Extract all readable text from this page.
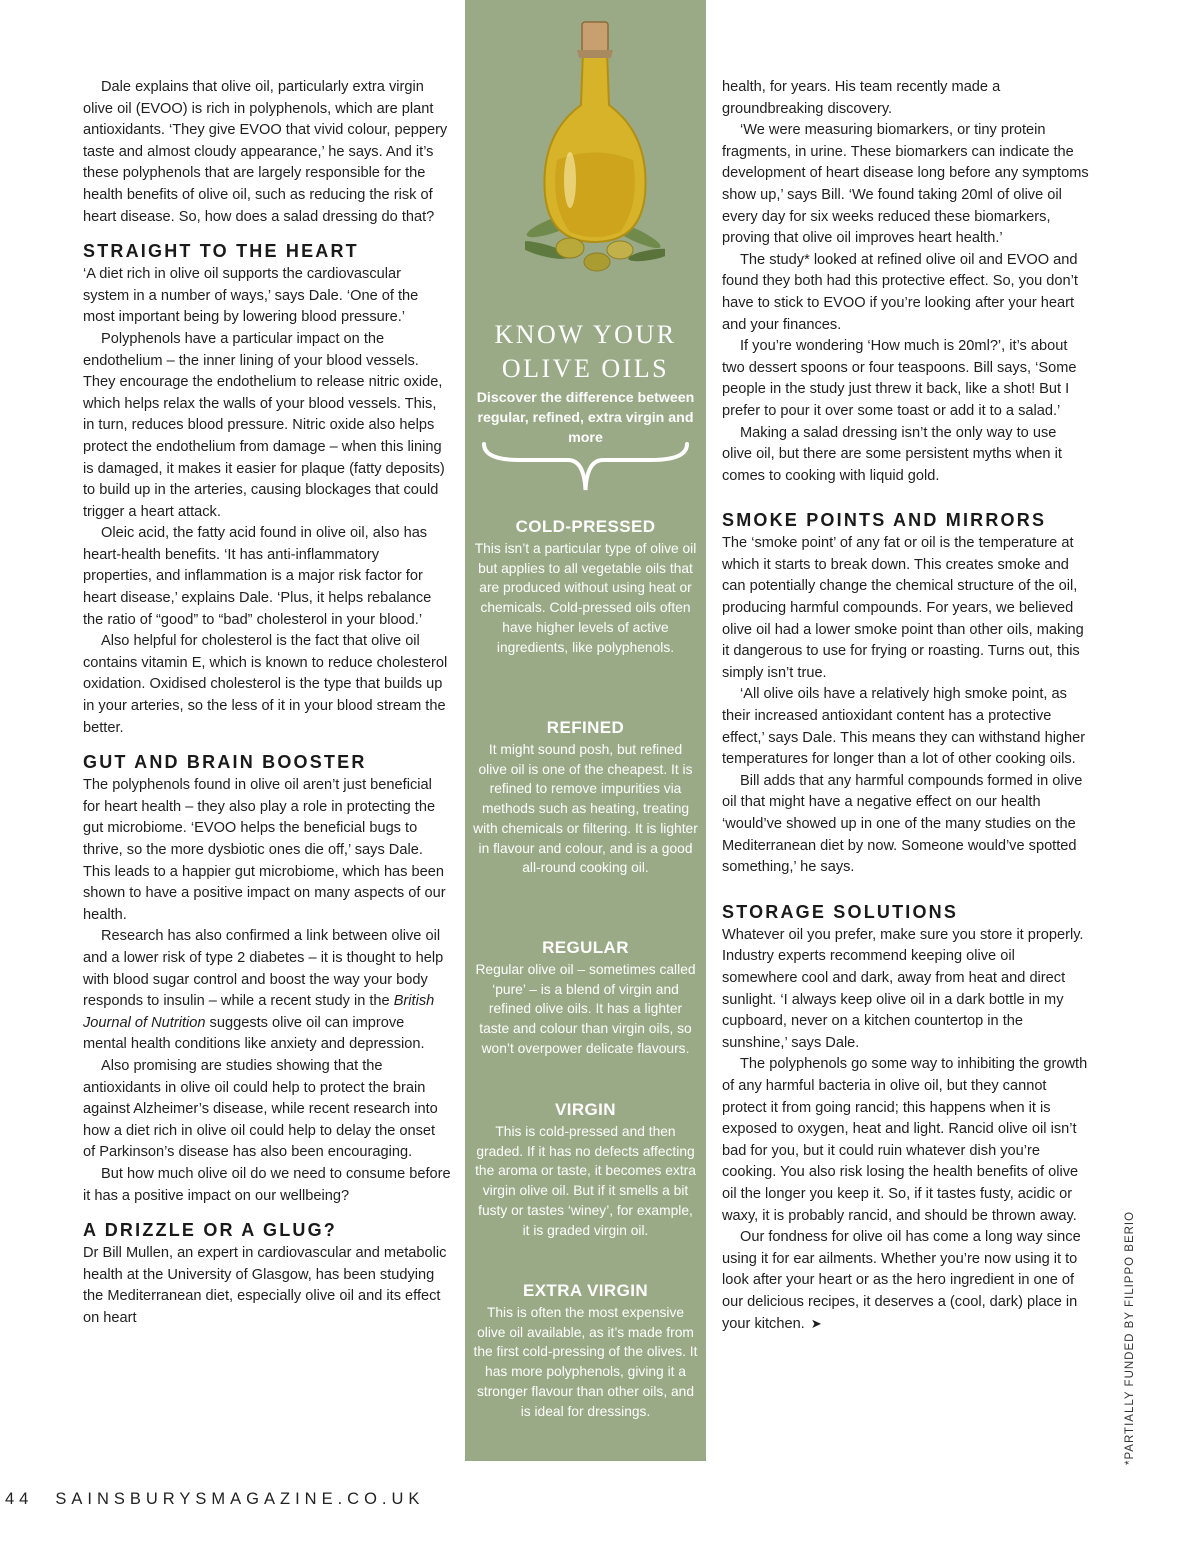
Dale explains that olive oil, particularly extra virgin olive oil (EVOO) is rich in polyphenols, which are plant antioxidants. ‘They give EVOO that vivid colour, peppery taste and almost cloudy appearance,’ he says. And it’s these polyphenols that are largely responsible for the health benefits of olive oil, such as reducing the risk of heart disease. So, how does a salad dressing do that?

STRAIGHT TO THE HEART

‘A diet rich in olive oil supports the cardiovascular system in a number of ways,’ says Dale. ‘One of the most important being by lowering blood pressure.’

Polyphenols have a particular impact on the endothelium – the inner lining of your blood vessels. They encourage the endothelium to release nitric oxide, which helps relax the walls of your blood vessels. This, in turn, reduces blood pressure. Nitric oxide also helps protect the endothelium from damage – when this lining is damaged, it makes it easier for plaque (fatty deposits) to build up in the arteries, causing blockages that could trigger a heart attack.

Oleic acid, the fatty acid found in olive oil, also has heart-health benefits. ‘It has anti-inflammatory properties, and inflammation is a major risk factor for heart disease,’ explains Dale. ‘Plus, it helps rebalance the ratio of “good” to “bad” cholesterol in your blood.’

Also helpful for cholesterol is the fact that olive oil contains vitamin E, which is known to reduce cholesterol oxidation. Oxidised cholesterol is the type that builds up in your arteries, so the less of it in your blood stream the better.

GUT AND BRAIN BOOSTER

The polyphenols found in olive oil aren’t just beneficial for heart health – they also play a role in protecting the gut microbiome. ‘EVOO helps the beneficial bugs to thrive, so the more dysbiotic ones die off,’ says Dale. This leads to a happier gut microbiome, which has been shown to have a positive impact on many aspects of our health.

Research has also confirmed a link between olive oil and a lower risk of type 2 diabetes – it is thought to help with blood sugar control and boost the way your body responds to insulin – while a recent study in the British Journal of Nutrition suggests olive oil can improve mental health conditions like anxiety and depression.

Also promising are studies showing that the antioxidants in olive oil could help to protect the brain against Alzheimer’s disease, while recent research into how a diet rich in olive oil could help to delay the onset of Parkinson’s disease has also been encouraging.

But how much olive oil do we need to consume before it has a positive impact on our wellbeing?

A DRIZZLE OR A GLUG?

Dr Bill Mullen, an expert in cardiovascular and metabolic health at the University of Glasgow, has been studying the Mediterranean diet, especially olive oil and its effect on heart

KNOW YOUR
OLIVE OILS
Discover the difference between regular, refined, extra virgin and more
COLD-PRESSED
This isn’t a particular type of olive oil but applies to all vegetable oils that are produced without using heat or chemicals. Cold-pressed oils often have higher levels of active ingredients, like polyphenols.
REFINED
It might sound posh, but refined olive oil is one of the cheapest. It is refined to remove impurities via methods such as heating, treating with chemicals or filtering. It is lighter in flavour and colour, and is a good all-round cooking oil.
REGULAR
Regular olive oil – sometimes called ‘pure’ – is a blend of virgin and refined olive oils. It has a lighter taste and colour than virgin oils, so won’t overpower delicate flavours.
VIRGIN
This is cold-pressed and then graded. If it has no defects affecting the aroma or taste, it becomes extra virgin olive oil. But if it smells a bit fusty or tastes ‘winey’, for example, it is graded virgin oil.
EXTRA VIRGIN
This is often the most expensive olive oil available, as it’s made from the first cold-pressing of the olives. It has more polyphenols, giving it a stronger flavour than other oils, and is ideal for dressings.

health, for years. His team recently made a groundbreaking discovery.

‘We were measuring biomarkers, or tiny protein fragments, in urine. These biomarkers can indicate the development of heart disease long before any symptoms show up,’ says Bill. ‘We found taking 20ml of olive oil every day for six weeks reduced these biomarkers, proving that olive oil improves heart health.’

The study* looked at refined olive oil and EVOO and found they both had this protective effect. So, you don’t have to stick to EVOO if you’re looking after your heart and your finances.

If you’re wondering ‘How much is 20ml?’, it’s about two dessert spoons or four teaspoons. Bill says, ‘Some people in the study just threw it back, like a shot! But I prefer to pour it over some toast or add it to a salad.’

Making a salad dressing isn’t the only way to use olive oil, but there are some persistent myths when it comes to cooking with liquid gold.

SMOKE POINTS AND MIRRORS

The ‘smoke point’ of any fat or oil is the temperature at which it starts to break down. This creates smoke and can potentially change the chemical structure of the oil, producing harmful compounds. For years, we believed olive oil had a lower smoke point than other oils, making it dangerous to use for frying or roasting. Turns out, this simply isn’t true.

‘All olive oils have a relatively high smoke point, as their increased antioxidant content has a protective effect,’ says Dale. This means they can withstand higher temperatures for longer than a lot of other cooking oils.

Bill adds that any harmful compounds formed in olive oil that might have a negative effect on our health ‘would’ve showed up in one of the many studies on the Mediterranean diet by now. Someone would’ve spotted something,’ he says.

STORAGE SOLUTIONS

Whatever oil you prefer, make sure you store it properly. Industry experts recommend keeping olive oil somewhere cool and dark, away from heat and direct sunlight. ‘I always keep olive oil in a dark bottle in my cupboard, never on a kitchen countertop in the sunshine,’ says Dale.

The polyphenols go some way to inhibiting the growth of any harmful bacteria in olive oil, but they cannot protect it from going rancid; this happens when it is exposed to oxygen, heat and light. Rancid olive oil isn’t bad for you, but it could ruin whatever dish you’re cooking. You also risk losing the health benefits of olive oil the longer you keep it. So, if it tastes fusty, acidic or waxy, it is probably rancid, and should be thrown away.

Our fondness for olive oil has come a long way since using it for ear ailments. Whether you’re now using it to look after your heart or as the hero ingredient in one of our delicious recipes, it deserves a (cool, dark) place in your kitchen. ➤	*PARTIALLY FUNDED BY FILIPPO BERIO
44 SAINSBURYSMAGAZINE.CO.UK
